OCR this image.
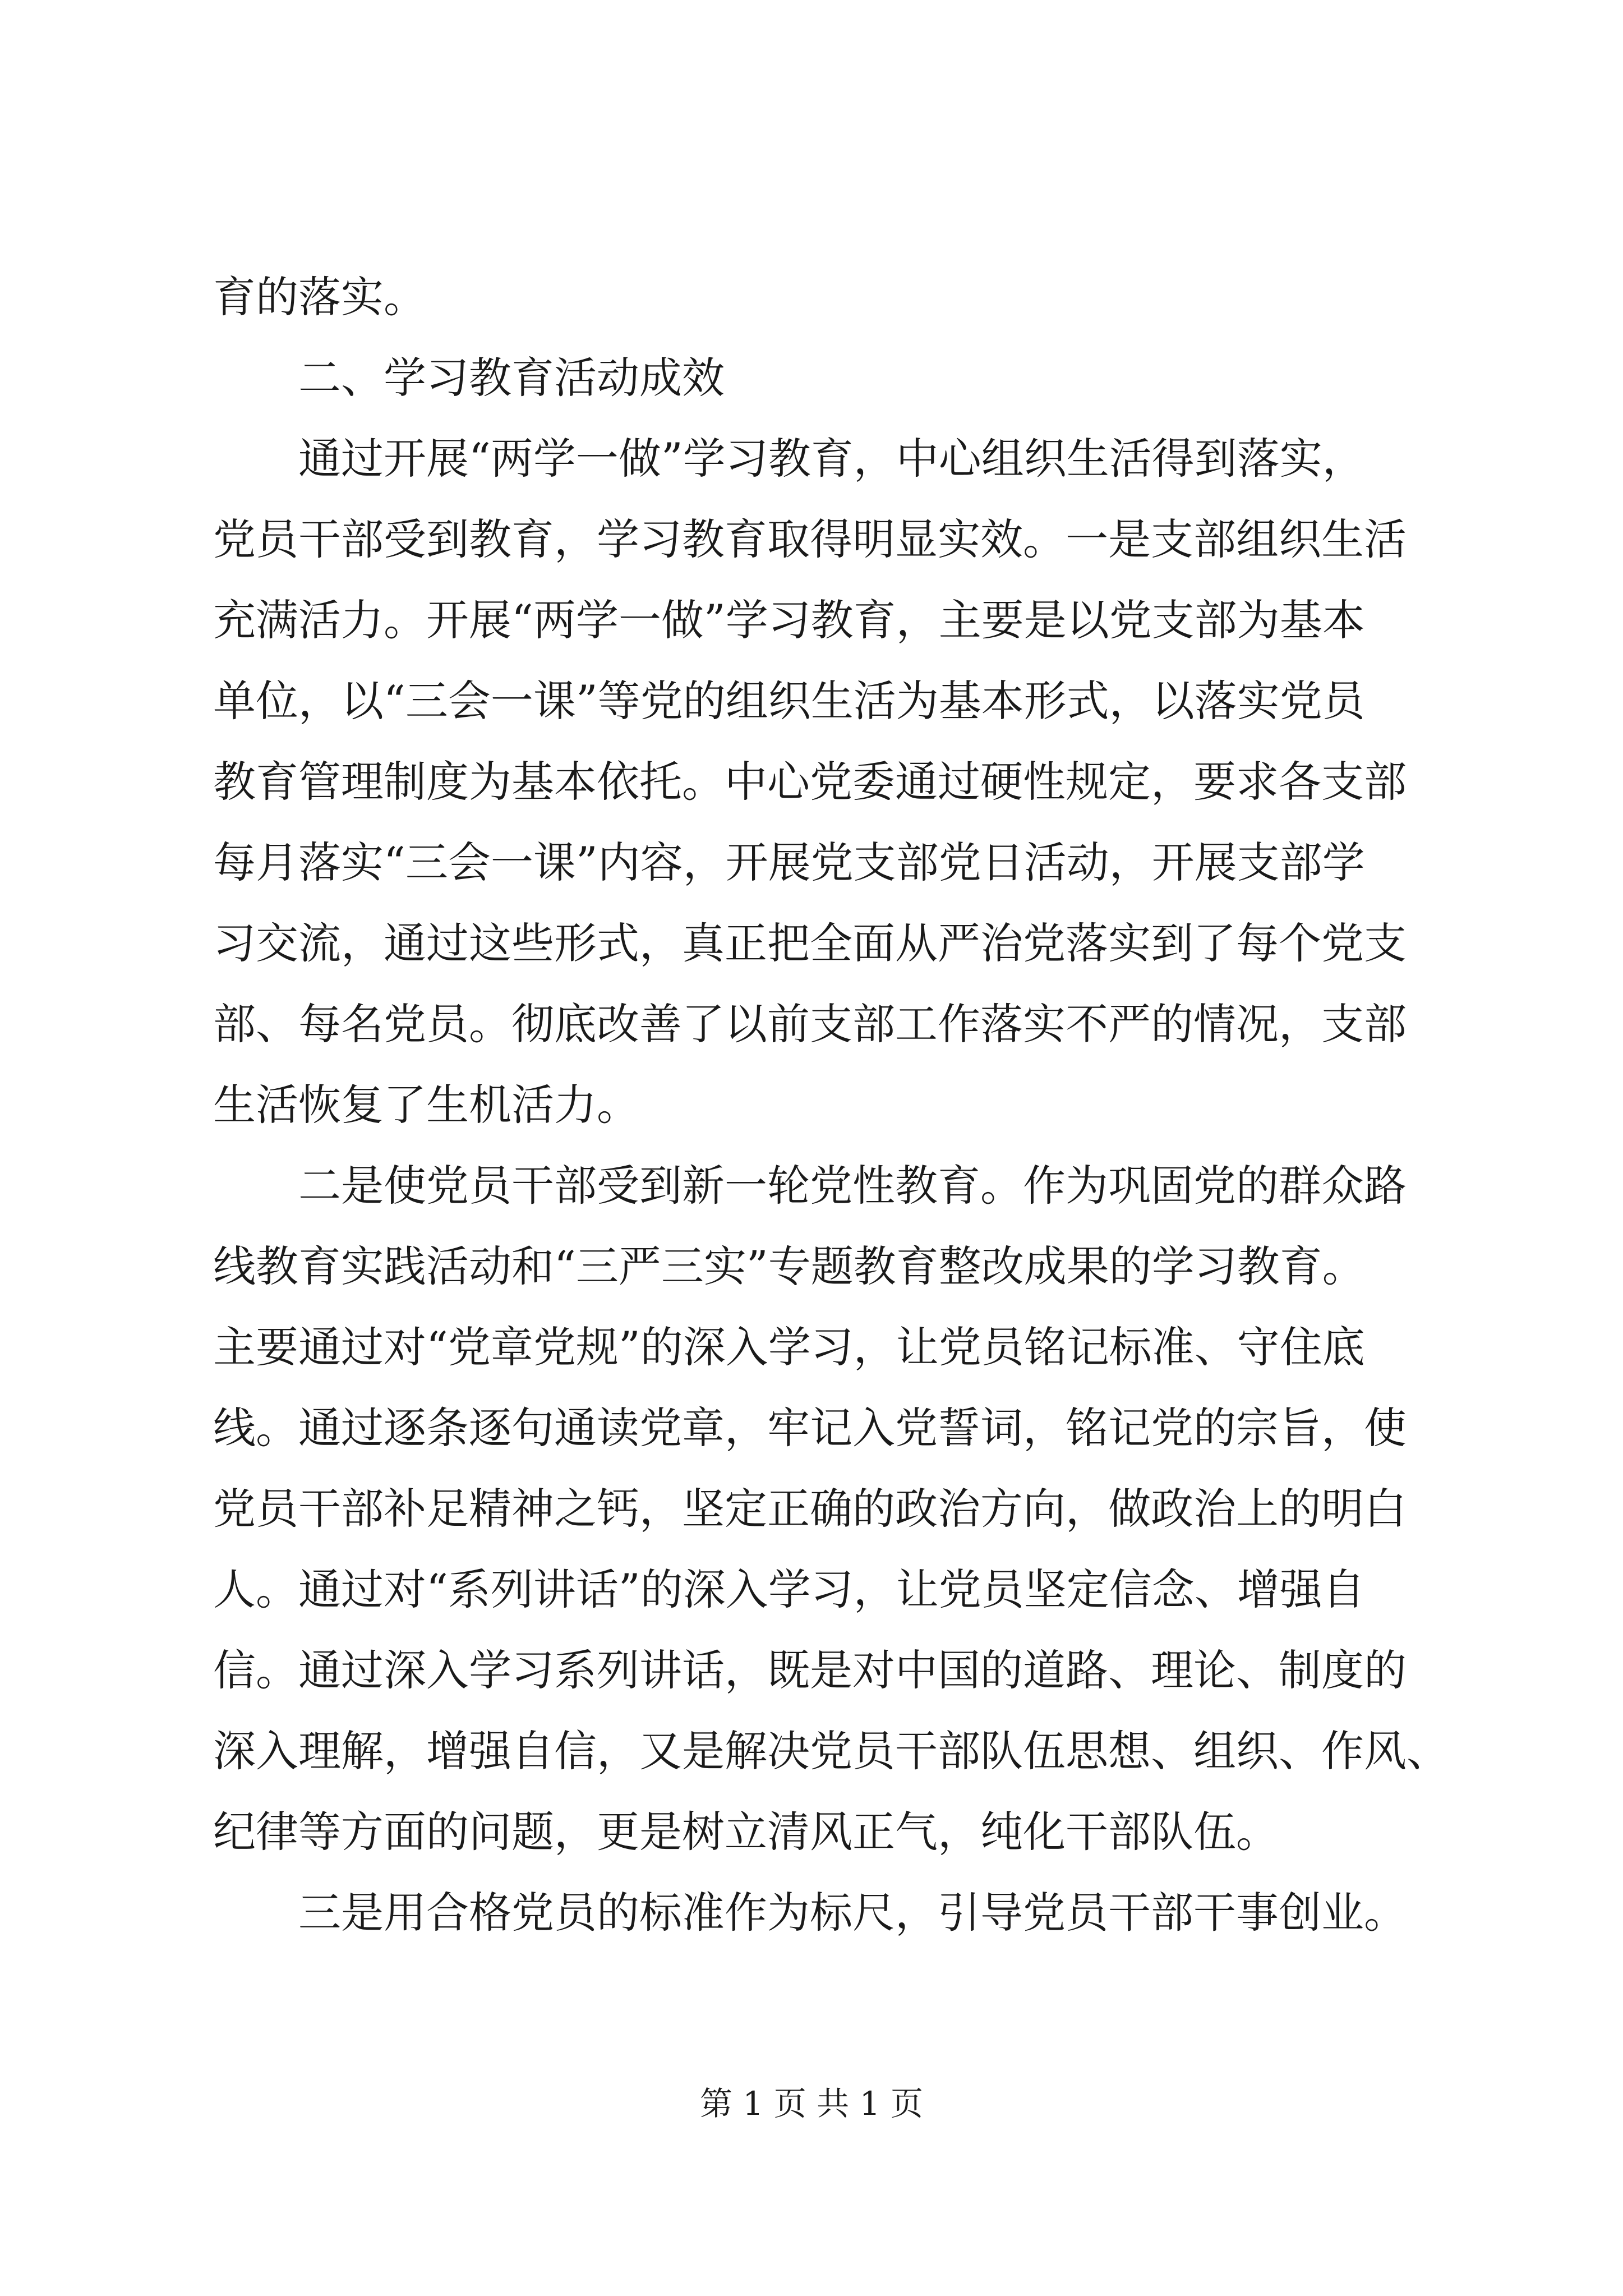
育的落实。
　　二、学习教育活动成效
　　通过开展“两学一做”学习教育，中心组织生活得到落实，
党员干部受到教育，学习教育取得明显实效。一是支部组织生活
充满活力。开展“两学一做”学习教育，主要是以党支部为基本
单位，以“三会一课”等党的组织生活为基本形式，以落实党员
教育管理制度为基本依托。中心党委通过硬性规定，要求各支部
每月落实“三会一课”内容，开展党支部党日活动，开展支部学
习交流，通过这些形式，真正把全面从严治党落实到了每个党支
部、每名党员。彻底改善了以前支部工作落实不严的情况，支部
生活恢复了生机活力。
　　二是使党员干部受到新一轮党性教育。作为巩固党的群众路
线教育实践活动和“三严三实”专题教育整改成果的学习教育。
主要通过对“党章党规”的深入学习，让党员铭记标准、守住底
线。通过逐条逐句通读党章，牢记入党誓词，铭记党的宗旨，使
党员干部补足精神之钙，坚定正确的政治方向，做政治上的明白
人。通过对“系列讲话”的深入学习，让党员坚定信念、增强自
信。通过深入学习系列讲话，既是对中国的道路、理论、制度的
深入理解，增强自信，又是解决党员干部队伍思想、组织、作风、
纪律等方面的问题，更是树立清风正气，纯化干部队伍。
　　三是用合格党员的标准作为标尺，引导党员干部干事创业。
第 1 页 共 1 页
